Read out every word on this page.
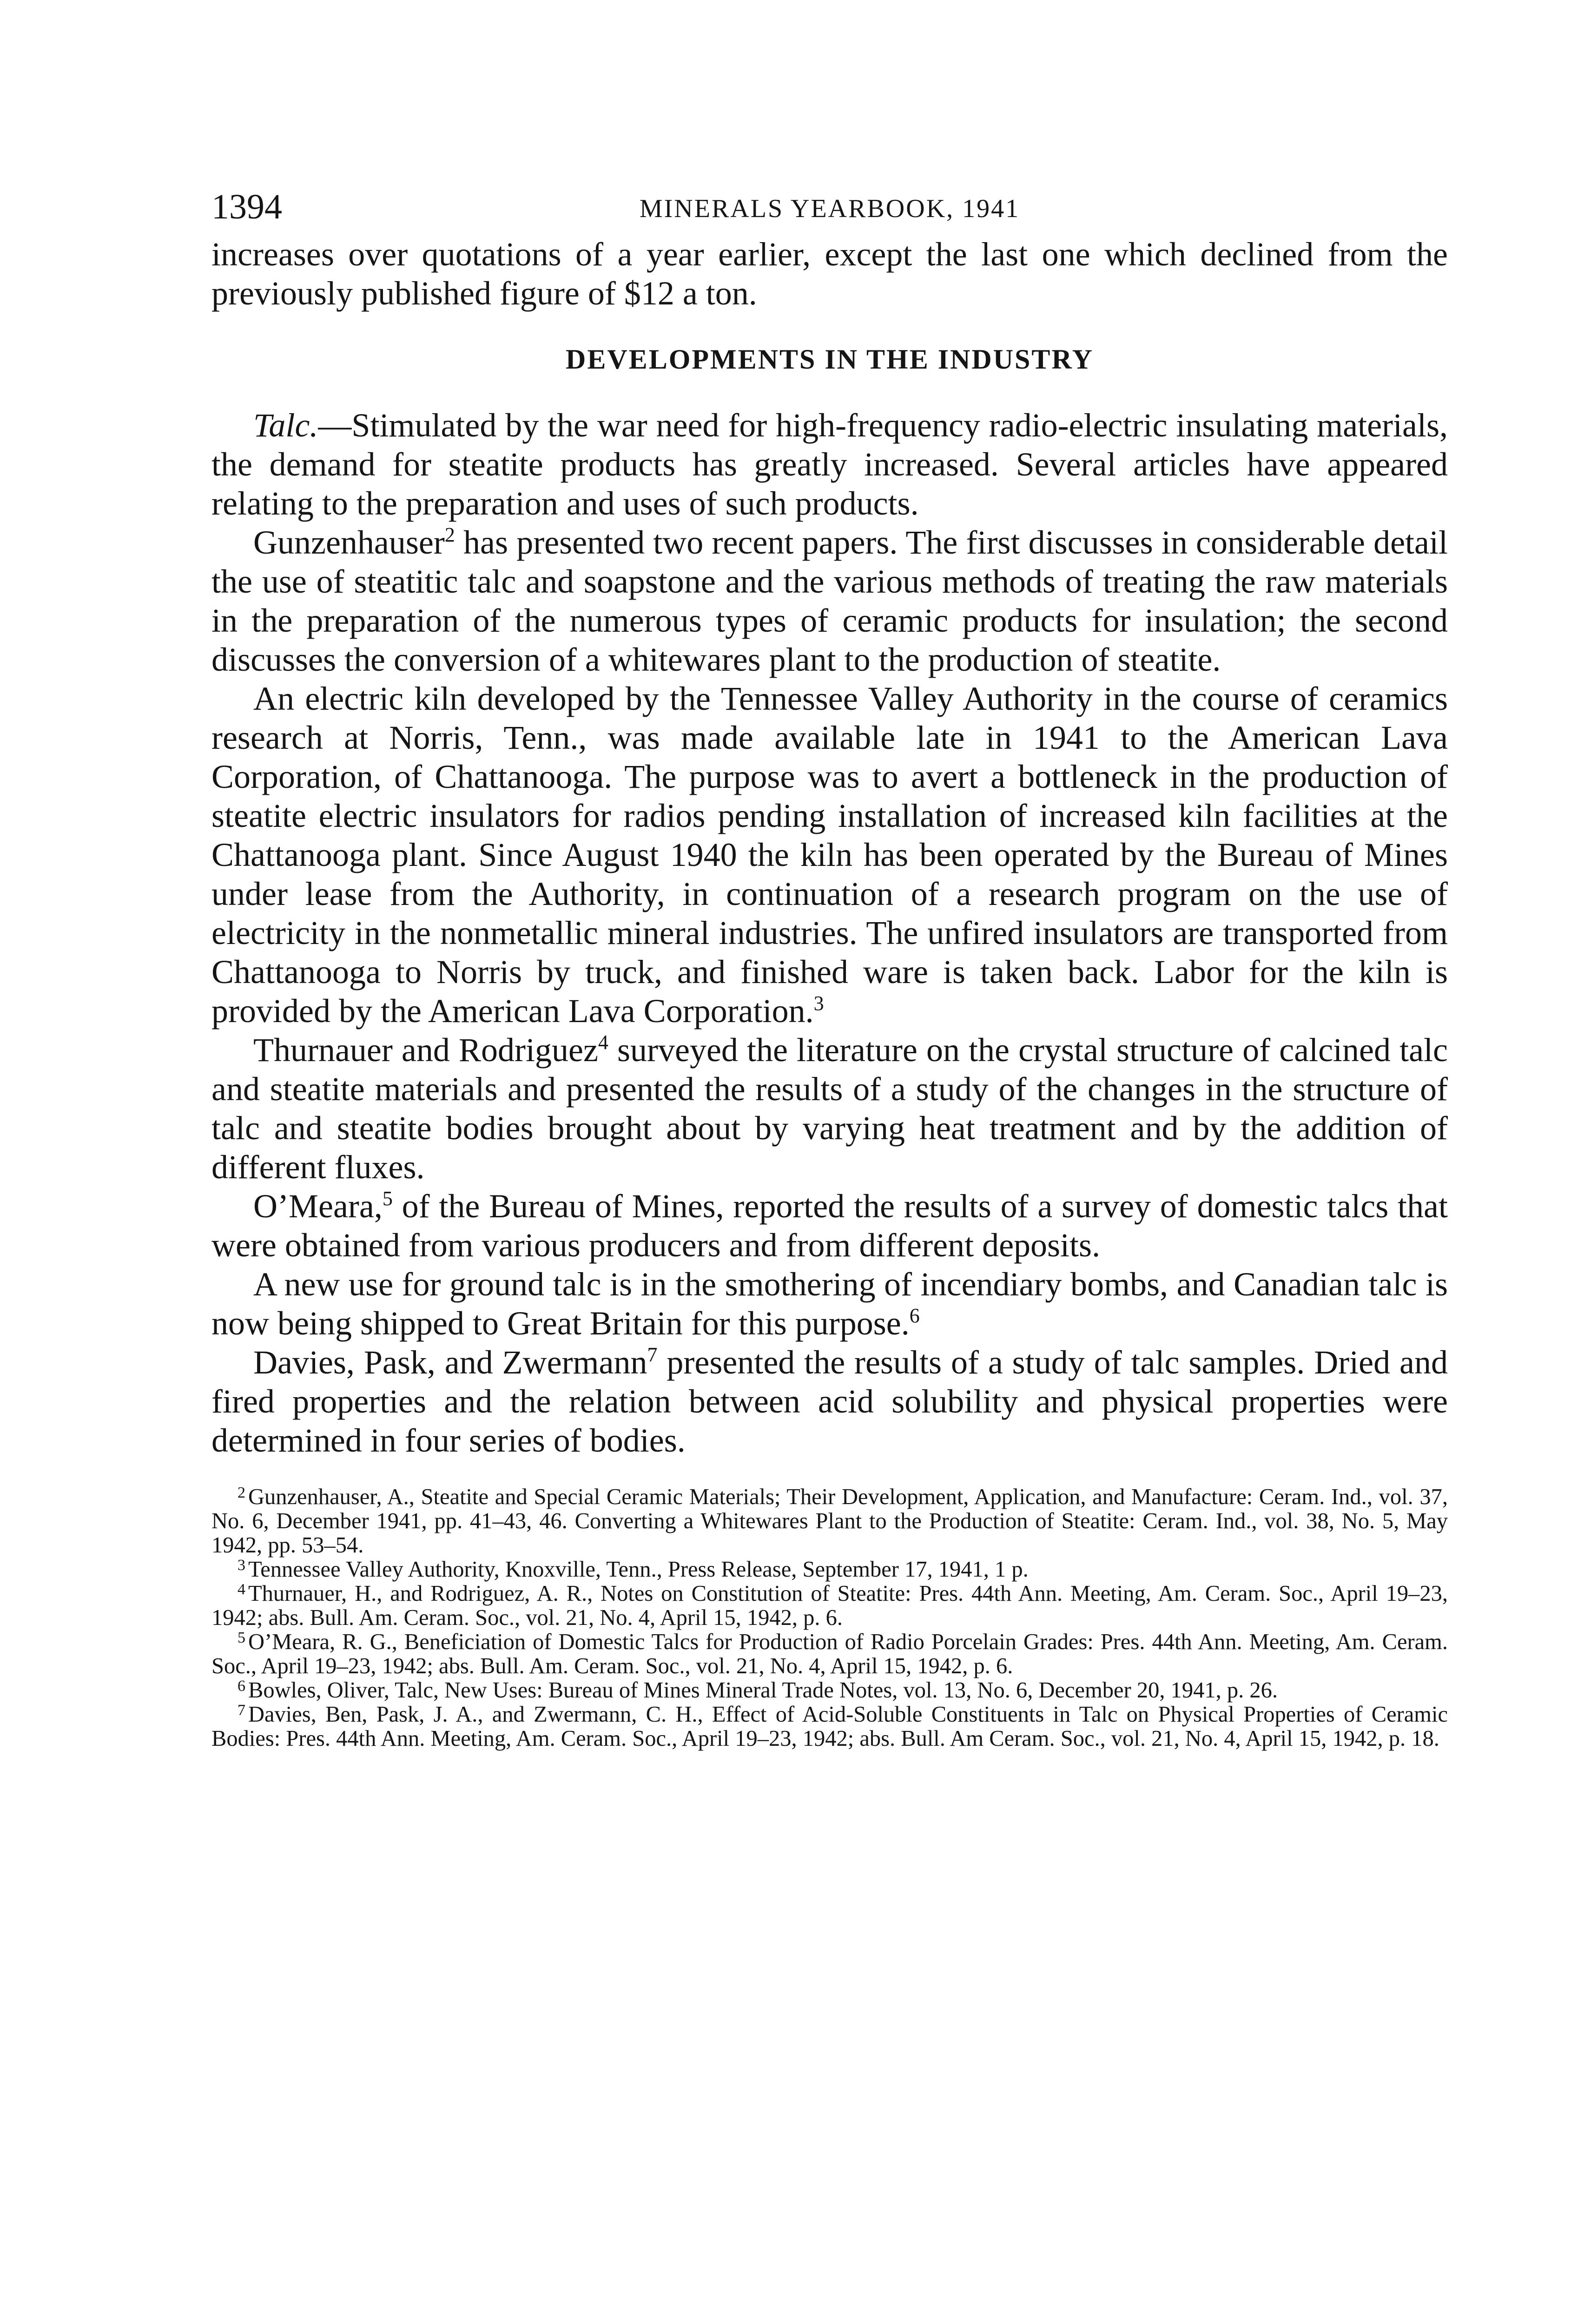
1394	MINERALS YEARBOOK, 1941

increases over quotations of a year earlier, except the last one which declined from the previously published figure of $12 a ton.

DEVELOPMENTS IN THE INDUSTRY

Talc.—Stimulated by the war need for high-frequency radio-electric insulating materials, the demand for steatite products has greatly increased. Several articles have appeared relating to the preparation and uses of such products.

Gunzenhauser$^2$ has presented two recent papers. The first discusses in considerable detail the use of steatitic talc and soapstone and the various methods of treating the raw materials in the preparation of the numerous types of ceramic products for insulation; the second discusses the conversion of a whitewares plant to the production of steatite.

An electric kiln developed by the Tennessee Valley Authority in the course of ceramics research at Norris, Tenn., was made available late in 1941 to the American Lava Corporation, of Chattanooga. The purpose was to avert a bottleneck in the production of steatite electric insulators for radios pending installation of increased kiln facilities at the Chattanooga plant. Since August 1940 the kiln has been operated by the Bureau of Mines under lease from the Authority, in continuation of a research program on the use of electricity in the nonmetallic mineral industries. The unfired insulators are transported from Chattanooga to Norris by truck, and finished ware is taken back. Labor for the kiln is provided by the American Lava Corporation.$^3$

Thurnauer and Rodriguez$^4$ surveyed the literature on the crystal structure of calcined talc and steatite materials and presented the results of a study of the changes in the structure of talc and steatite bodies brought about by varying heat treatment and by the addition of different fluxes.

O’Meara,$^5$ of the Bureau of Mines, reported the results of a survey of domestic talcs that were obtained from various producers and from different deposits.

A new use for ground talc is in the smothering of incendiary bombs, and Canadian talc is now being shipped to Great Britain for this purpose.$^6$

Davies, Pask, and Zwermann$^7$ presented the results of a study of talc samples. Dried and fired properties and the relation between acid solubility and physical properties were determined in four series of bodies.

$^2$ Gunzenhauser, A., Steatite and Special Ceramic Materials; Their Development, Application, and Manufacture: Ceram. Ind., vol. 37, No. 6, December 1941, pp. 41–43, 46. Converting a Whitewares Plant to the Production of Steatite: Ceram. Ind., vol. 38, No. 5, May 1942, pp. 53–54.

$^3$ Tennessee Valley Authority, Knoxville, Tenn., Press Release, September 17, 1941, 1 p.

$^4$ Thurnauer, H., and Rodriguez, A. R., Notes on Constitution of Steatite: Pres. 44th Ann. Meeting, Am. Ceram. Soc., April 19–23, 1942; abs. Bull. Am. Ceram. Soc., vol. 21, No. 4, April 15, 1942, p. 6.

$^5$ O’Meara, R. G., Beneficiation of Domestic Talcs for Production of Radio Porcelain Grades: Pres. 44th Ann. Meeting, Am. Ceram. Soc., April 19–23, 1942; abs. Bull. Am. Ceram. Soc., vol. 21, No. 4, April 15, 1942, p. 6.

$^6$ Bowles, Oliver, Talc, New Uses: Bureau of Mines Mineral Trade Notes, vol. 13, No. 6, December 20, 1941, p. 26.

$^7$ Davies, Ben, Pask, J. A., and Zwermann, C. H., Effect of Acid-Soluble Constituents in Talc on Physical Properties of Ceramic Bodies: Pres. 44th Ann. Meeting, Am. Ceram. Soc., April 19–23, 1942; abs. Bull. Am Ceram. Soc., vol. 21, No. 4, April 15, 1942, p. 18.
